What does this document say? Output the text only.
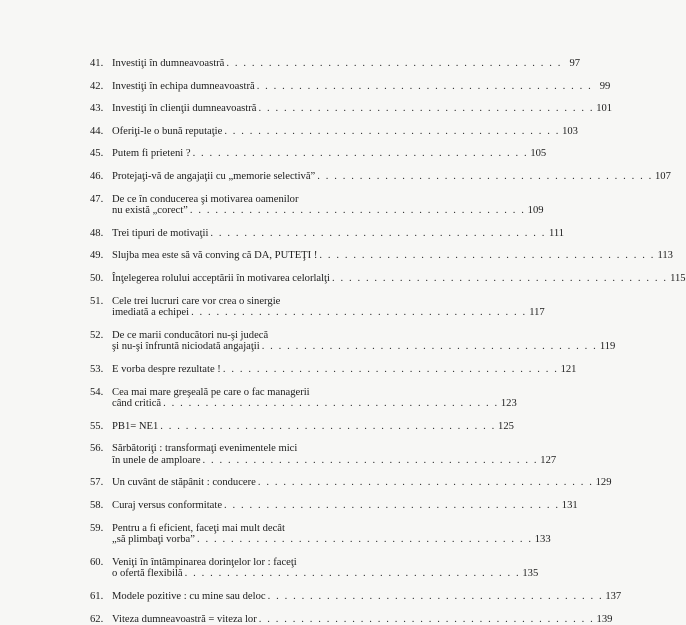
41. Investiţi în dumneavoastră . . . . . . . . . . . . . . . . . . . . . . . . . . . . . . . . . . . . . . . . 97
42. Investiţi în echipa dumneavoastră . . . . . . . . . . . . . . . . . . . . . . . . . . . . . . . . . . . . . . . . 99
43. Investiţi în clienţii dumneavoastră . . . . . . . . . . . . . . . . . . . . . . . . . . . . . . . . . . . . . . . . 101
44. Oferiţi-le o bună reputaţie . . . . . . . . . . . . . . . . . . . . . . . . . . . . . . . . . . . . . . . . 103
45. Putem fi prieteni ? . . . . . . . . . . . . . . . . . . . . . . . . . . . . . . . . . . . . . . . . 105
46. Protejaţi-vă de angajaţii cu „memorie selectivă” . . . . . . . . . . . . . . . . . . . . . . . . . . . . . . . . . . . . . . . . 107
47. De ce în conducerea şi motivarea oamenilor
nu există „corect” . . . . . . . . . . . . . . . . . . . . . . . . . . . . . . . . . . . . . . . . 109
48. Trei tipuri de motivaţii . . . . . . . . . . . . . . . . . . . . . . . . . . . . . . . . . . . . . . . . 111
49. Slujba mea este să vă conving că DA, PUTEŢI ! . . . . . . . . . . . . . . . . . . . . . . . . . . . . . . . . . . . . . . . . 113
50. Înţelegerea rolului acceptării în motivarea celorlalţi . . . . . . . . . . . . . . . . . . . . . . . . . . . . . . . . . . . . . . . . 115
51. Cele trei lucruri care vor crea o sinergie
imediată a echipei . . . . . . . . . . . . . . . . . . . . . . . . . . . . . . . . . . . . . . . . 117
52. De ce marii conducători nu-şi judecă
şi nu-şi înfruntă niciodată angajaţii . . . . . . . . . . . . . . . . . . . . . . . . . . . . . . . . . . . . . . . . 119
53. E vorba despre rezultate ! . . . . . . . . . . . . . . . . . . . . . . . . . . . . . . . . . . . . . . . . 121
54. Cea mai mare greşeală pe care o fac managerii
când critică . . . . . . . . . . . . . . . . . . . . . . . . . . . . . . . . . . . . . . . . 123
55. PB1= NE1 . . . . . . . . . . . . . . . . . . . . . . . . . . . . . . . . . . . . . . . . 125
56. Sărbătoriţi : transformaţi evenimentele mici
în unele de amploare . . . . . . . . . . . . . . . . . . . . . . . . . . . . . . . . . . . . . . . . 127
57. Un cuvânt de stăpânit : conducere . . . . . . . . . . . . . . . . . . . . . . . . . . . . . . . . . . . . . . . . 129
58. Curaj versus conformitate . . . . . . . . . . . . . . . . . . . . . . . . . . . . . . . . . . . . . . . . 131
59. Pentru a fi eficient, faceţi mai mult decât
„să plimbaţi vorba” . . . . . . . . . . . . . . . . . . . . . . . . . . . . . . . . . . . . . . . . 133
60. Veniţi în întâmpinarea dorinţelor lor : faceţi
o ofertă flexibilă . . . . . . . . . . . . . . . . . . . . . . . . . . . . . . . . . . . . . . . . 135
61. Modele pozitive : cu mine sau deloc . . . . . . . . . . . . . . . . . . . . . . . . . . . . . . . . . . . . . . . . 137
62. Viteza dumneavoastră = viteza lor . . . . . . . . . . . . . . . . . . . . . . . . . . . . . . . . . . . . . . . . 139
